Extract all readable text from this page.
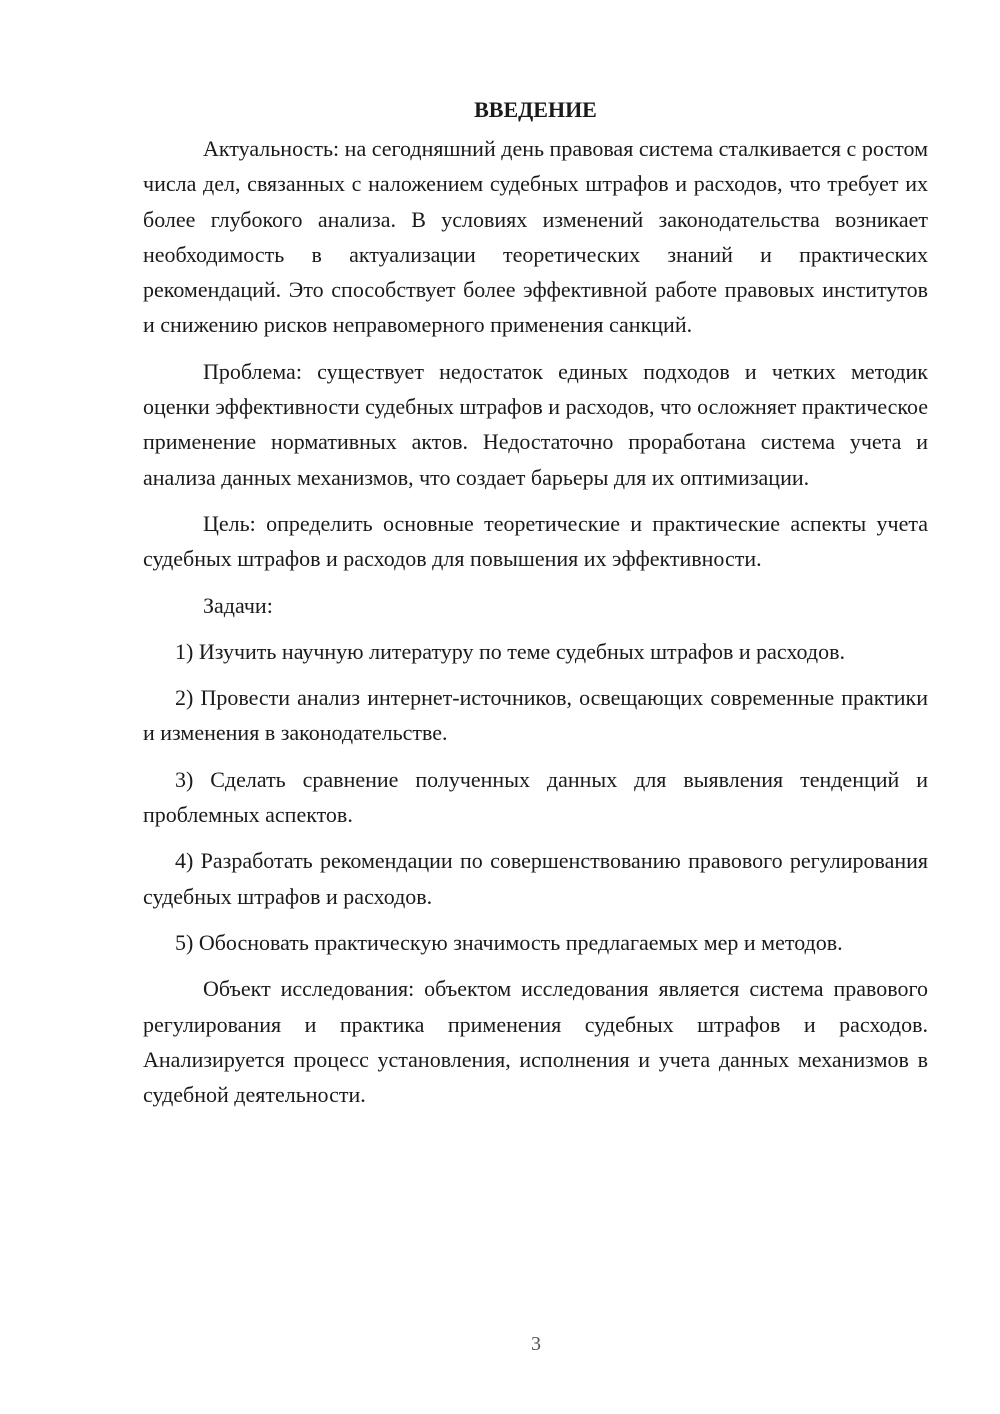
ВВЕДЕНИЕ

Актуальность: на сегодняшний день правовая система сталкивается с ростом числа дел, связанных с наложением судебных штрафов и расходов, что требует их более глубокого анализа. В условиях изменений законодательства возникает необходимость в актуализации теоретических знаний и практических рекомендаций. Это способствует более эффективной работе правовых институтов и снижению рисков неправомерного применения санкций.

Проблема: существует недостаток единых подходов и четких методик оценки эффективности судебных штрафов и расходов, что осложняет практическое применение нормативных актов. Недостаточно проработана система учета и анализа данных механизмов, что создает барьеры для их оптимизации.

Цель: определить основные теоретические и практические аспекты учета судебных штрафов и расходов для повышения их эффективности.

Задачи:

1) Изучить научную литературу по теме судебных штрафов и расходов.

2) Провести анализ интернет-источников, освещающих современные практики и изменения в законодательстве.

3) Сделать сравнение полученных данных для выявления тенденций и проблемных аспектов.

4) Разработать рекомендации по совершенствованию правового регулирования судебных штрафов и расходов.

5) Обосновать практическую значимость предлагаемых мер и методов.

Объект исследования: объектом исследования является система правового регулирования и практика применения судебных штрафов и расходов. Анализируется процесс установления, исполнения и учета данных механизмов в судебной деятельности.

3
